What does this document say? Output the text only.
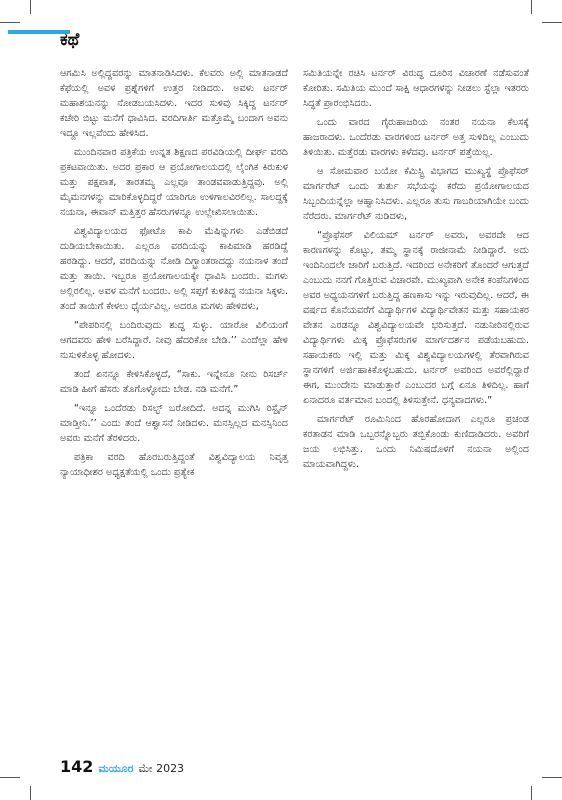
ಕಥೆ

ಆಗಮಿಸಿ ಅಲ್ಲಿದ್ದವರನ್ನು ಮಾತನಾಡಿಸಿದಳು. ಕೆಲವರು ಅಲ್ಲಿ ಮಾತನಾಡದೆ ಕೆಫೆಯಲ್ಲಿ ಅವಳ ಪ್ರಶ್ನೆಗಳಿಗೆ ಉತ್ತರ ನೀಡಿದರು. ಅವಳು ಟರ್ನರ್ ಮಹಾಶಯನನ್ನು ನೋಡಬಯಸಿದಳು. ಇದರ ಸುಳಿವು ಸಿಕ್ಕಿದ್ದ ಟರ್ನರ್ ಕಚೇರಿ ಬಿಟ್ಟು ಮನೆಗೆ ಧಾವಿಸಿದ. ವರದಿಗಾರ್ತಿ ಮತ್ತೊಮ್ಮೆ ಬಂದಾಗ ಅವನು ಇದ್ದೂ ಇಲ್ಲವೆಂದು ಹೇಳಿಸಿದ.

ಮುಂದಿನವಾರ ಪತ್ರಿಕೆಯ ಉನ್ನತ ಶಿಕ್ಷಣದ ಪರವಿಡಿಯಲ್ಲಿ ದೀರ್ಘ ವರದಿ ಪ್ರಕಟವಾಯಿತು. ಅದರ ಪ್ರಕಾರ ಆ ಪ್ರಯೋಗಾಲಯದಲ್ಲಿ ಲೈಂಗಿಕ ಕಿರುಕುಳ ಮತ್ತು ಪಕ್ಷಪಾತ, ತಾರತಮ್ಯ ಎಲ್ಲವೂ ತಾಂಡವವಾಡುತ್ತಿದ್ದವು. ಅಲ್ಲಿ ಮೈಮನಗಳನ್ನು ಮಾರಿಕೊಳ್ಳದಿದ್ದರೆ ಯಾರಿಗೂ ಉಳಿಗಾಲವಿರಲಿಲ್ಲ. ಸಾಲದ್ದಕ್ಕೆ ನಯನಾ, ಈವಾನ್ ಮತ್ತಿತ್ತರ ಹೆಸರುಗಳನ್ನೂ ಉಲ್ಲೇಖಿಸಲಾಯಿತು.

ವಿಶ್ವವಿದ್ಯಾಲಯದ ಫೋಟೊ ಕಾಪಿ ಮೆಷಿನ್ನುಗಳು ಎಡೆಬಿಡದೆ ದುಡಿಯಬೇಕಾಯಿತು. ಎಲ್ಲರೂ ವರದಿಯನ್ನು ಕಾಪಿಮಾಡಿ ಹರಡಿದ್ದೆ ಹರಡಿದ್ದು. ಆದರೆ, ವರದಿಯನ್ನು ನೋಡಿ ದಿಗ್ಭ್ರಾಂತರಾದದ್ದು ನಯನಾಳ ತಂದೆ ಮತ್ತು ತಾಯಿ. ಇಬ್ಬರೂ ಪ್ರಯೋಗಾಲಯಕ್ಕೇ ಧಾವಿಸಿ ಬಂದರು. ಮಗಳು ಅಲ್ಲಿರಲಿಲ್ಲ. ಅವಳ ಮನೆಗೆ ಬಂದರು. ಅಲ್ಲಿ ಸಪ್ಪಗೆ ಕುಳಿತಿದ್ದ ನಯನಾ ಸಿಕ್ಕಳು. ತಂದೆ ತಾಯಿಗೆ ಕೇಳಲು ಧೈರ್ಯವಿಲ್ಲ. ಅದರೂ ಮಗಳು ಹೇಳಿದಳು,

“ಪೇಪರಿನಲ್ಲಿ ಬಂದಿರುವುದು ಶುದ್ಧ ಸುಳ್ಳು. ಯಾರೋ ವಿಲಿಯಂಗೆ ಆಗದವರು ಹೇಳಿ ಬರೆಸಿದ್ದಾರೆ. ನೀವು ಹೆದರಿಕೋ ಬೇಡಿ.’’ ಎಂದೆಲ್ಲಾ ಹೇಳಿ ನುಸುಳಿಕೊಳ್ಳ ಹೋದಳು.

ತಂದೆ ಏನನ್ನೂ ಕೇಳಿಸಿಕೊಳ್ಳದೆ, “ಸಾಕು. ಇನ್ನೇನೂ ನೀನು ರಿಸರ್ಚ್ ಮಾಡಿ ಹೀಗೆ ಹೆಸರು ತೊಗೊಳ್ಳೋದು ಬೇಡ. ನಡಿ ಮನೆಗೆ.”

“ಇನ್ನೂ ಒಂದೆರಡು ರಿಸಲ್ಟ್ ಬರೋದಿದೆ. ಅದನ್ನ ಮುಗಿಸಿ ರಿಸ್ಟೈನ್ ಮಾಡ್ತೀನಿ.’’ ಎಂದು ತಂದೆ ಆಶ್ವಾಸನೆ ನೀಡಿದಳು. ಮನಸ್ಸಿಲ್ಲದ ಮನಸ್ಸಿನಿಂದ ಅವರು ಮನೆಗೆ ತೆರಳಿದರು.

ಪತ್ರಿಕಾ ವರದಿ ಹೊರಬರುತ್ತಿದ್ದಂತೆ ವಿಶ್ವವಿದ್ಯಾಲಯ ನಿವೃತ್ತ ನ್ಯಾಯಾಧೀಶರ ಅಧ್ಯಕ್ಷತೆಯಲ್ಲಿ ಒಂದು ಪ್ರತ್ಯೇಕ

ಸಮಿತಿಯನ್ನೇ ರಚಿಸಿ ಟರ್ನರ್ ವಿರುದ್ಧ ದೂರಿನ ವಿಚಾರಣೆ ನಡೆಸುವಂತೆ ಕೋರಿತು. ಸಮಿತಿಯ ಮುಂದೆ ಸಾಕ್ಷಿ ಆಧಾರಗಳನ್ನು ನೀಡಲು ಸ್ಟೆಲ್ಲಾ ಇತರರು ಸಿದ್ಧತೆ ಪ್ರಾರಂಭಿಸಿದರು.

ಒಂದು ವಾರದ ಗೈರುಹಾಜರಿಯ ನಂತರ ನಯನಾ ಕೆಲಸಕ್ಕೆ ಹಾಜರಾದಳು. ಒಂದೆರಡು ವಾರಗಳಿಂದ ಟರ್ನರ್ ಅತ್ತ ಸುಳಿದಿಲ್ಲ ಎಂಬುದು ತಿಳಿಯಿತು. ಮತ್ತೆರಡು ವಾರಗಳು ಕಳೆದವು. ಟರ್ನರ್ ಪತ್ತೆಯಿಲ್ಲ.

ಆ ಸೋಮವಾರ ಬಯೋ ಕೆಮಿಸ್ಟ್ರಿ ವಿಭಾಗದ ಮುಖ್ಯಸ್ಥೆ ಪ್ರೊಫೆಸರ್ ಮಾರ್ಗರೆಟ್ ಒಂದು ತುರ್ತು ಸಭೆಯನ್ನು ಕರೆದು ಪ್ರಯೋಗಾಲಯದ ಸಿಬ್ಬಂದಿಯನ್ನೆಲ್ಲಾ ಆಹ್ವಾನಿಸಿದಳು. ಎಲ್ಲರೂ ತುಸು ಗಾಬರಿಯಾಗಿಯೇ ಬಂದು ನೆರೆದರು. ಮಾರ್ಗರೆಟ್ ನುಡಿದಳು,

“ಪ್ರೊಫೆಸರ್ ವಿಲಿಯಮ್ ಟರ್ನರ್ ಅವರು, ಅವರದೇ ಆದ ಕಾರಣಗಳನ್ನು ಕೊಟ್ಟು, ತಮ್ಮ ಸ್ಥಾನಕ್ಕೆ ರಾಜೀನಾಮೆ ನೀಡಿದ್ದಾರೆ. ಅದು ಇಂದಿನಿಂದಲೇ ಜಾರಿಗೆ ಬರುತ್ತಿದೆ. ಇದರಿಂದ ಅನೇಕರಿಗೆ ತೊಂದರೆ ಆಗುತ್ತದೆ ಎಂಬುದು ನನಗೆ ಗೊತ್ತಿರುವ ವಿಚಾರವೇ. ಮುಖ್ಯವಾಗಿ ಅನೇಕ ಕಂಪೆನಿಗಳಿಂದ ಅವರ ಅಧ್ಯಯನಗಳಿಗೆ ಬರುತ್ತಿದ್ದ ಹಣಕಾಸು ಇನ್ನು ಇರುವುದಿಲ್ಲ. ಆದರೆ, ಈ ವರ್ಷದ ಕೊನೆಯವರೆಗೆ ವಿದ್ಯಾರ್ಥಿಗಳ ವಿದ್ಯಾರ್ಥಿವೇತನ ಮತ್ತು ಸಹಾಯಕರ ವೇತನ ಎರಡನ್ನೂ ವಿಶ್ವವಿದ್ಯಾಲಯವೇ ಭರಿಸುತ್ತದೆ. ನಡುನೀರಿನಲ್ಲಿರುವ ವಿದ್ಯಾರ್ಥಿಗಳು ಮಿಕ್ಕ ಪ್ರೊಫೆಸರುಗಳ ಮಾರ್ಗದರ್ಶನ ಪಡೆಯಬಹುದು. ಸಹಾಯಕರು ಇಲ್ಲಿ ಮತ್ತು ಮಿಕ್ಕ ವಿಶ್ವವಿದ್ಯಾಲಯಗಳಲ್ಲಿ ತೆರವಾಗಿರುವ ಸ್ಥಾನಗಳಿಗೆ ಅರ್ಜಿಹಾಕಿಕೊಳ್ಳಬಹುದು. ಟರ್ನರ್ ಅವರಿಂದ ಅವರೆಲ್ಲಿದ್ದಾರೆ ಈಗ, ಮುಂದೇನು ಮಾಡುತ್ತಾರೆ ಎಂಬುದರ ಬಗ್ಗೆ ಏನೂ ತಿಳಿದಿಲ್ಲ. ಹಾಗೆ ಏನಾದರೂ ವರ್ತಮಾನ ಬಂದಲ್ಲಿ ತಿಳಿಸುತ್ತೇನೆ. ಧನ್ಯವಾದಗಳು.”

ಮಾರ್ಗರೆಟ್ ರೂಮಿನಿಂದ ಹೊರಹೋದಾಗ ಎಲ್ಲರೂ ಪ್ರಚಂಡ ಕರತಾಡನ ಮಾಡಿ ಒಬ್ಬರನ್ನೊಬ್ಬರು ತಬ್ಬಿಕೊಂಡು ಕುಣಿದಾಡಿದರು. ಅವರಿಗೆ ಜಯ ಲಭಿಸಿತ್ತು. ಒಂದು ನಿಮಿಷದೊಳಗೆ ನಯನಾ ಅಲ್ಲಿಂದ ಮಾಯವಾಗಿದ್ದಳು.

142 ಮಯೂರ ಮೇ 2023
